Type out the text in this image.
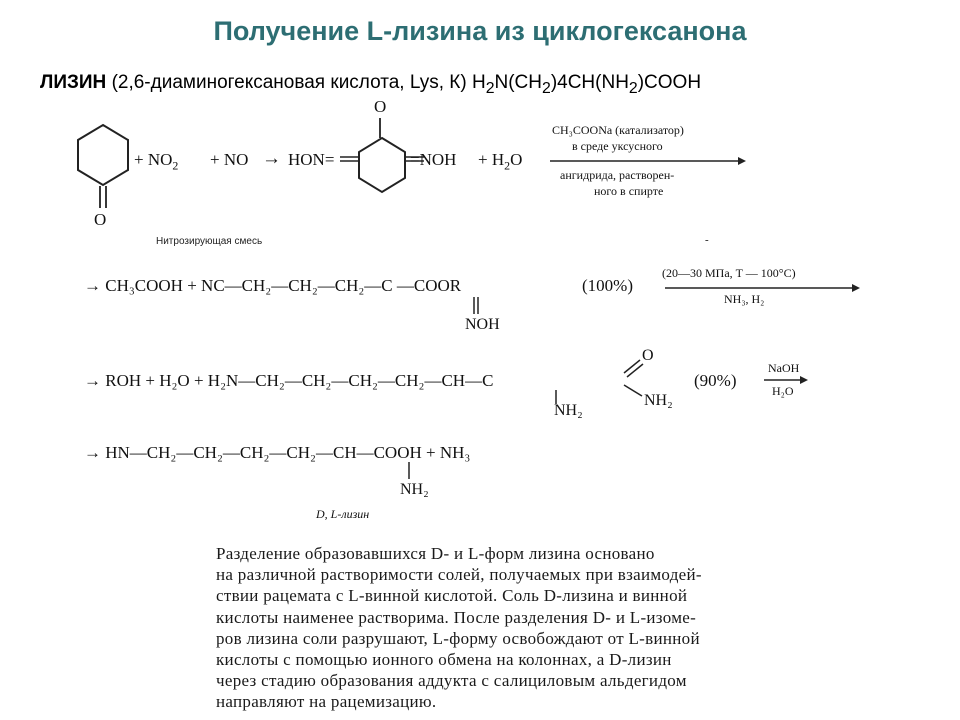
Получение L-лизина из циклогексанона
ЛИЗИН (2,6-диаминогексановая кислота, Lys, К) $H_2N(CH_2)4CH(NH_2)COOH$
O
+ $NO_2$ + NO → HON=
O
$=NOH + H_2O$
CH₃COONa (катализатор)
в среде уксусного
ангидрида, растворен-
ного в спирте
Нитрозирующая смесь	-
→ CH₃COOH + NC—CH₂—CH₂—CH₂—C —COOR	(100%)
NOH
(20—30 МПа, T — 100°C)
NH₃, H₂
→ ROH + H₂O + H₂N—CH₂—CH₂—CH₂—CH₂—CH—C
O
NH₂
NH₂
(90%)
NaOH
H₂O
→ HN—CH₂—CH₂—CH₂—CH₂—CH—COOH + NH₃
NH₂
D, L-лизин
Разделение образовавшихся D- и L-форм лизина основано
на различной растворимости солей, получаемых при взаимодей-
ствии рацемата с L-винной кислотой. Соль D-лизина и винной
кислоты наименее растворима. После разделения D- и L-изоме-
ров лизина соли разрушают, L-форму освобождают от L-винной
кислоты с помощью ионного обмена на колоннах, а D-лизин
через стадию образования аддукта с салициловым альдегидом
направляют на рацемизацию.
